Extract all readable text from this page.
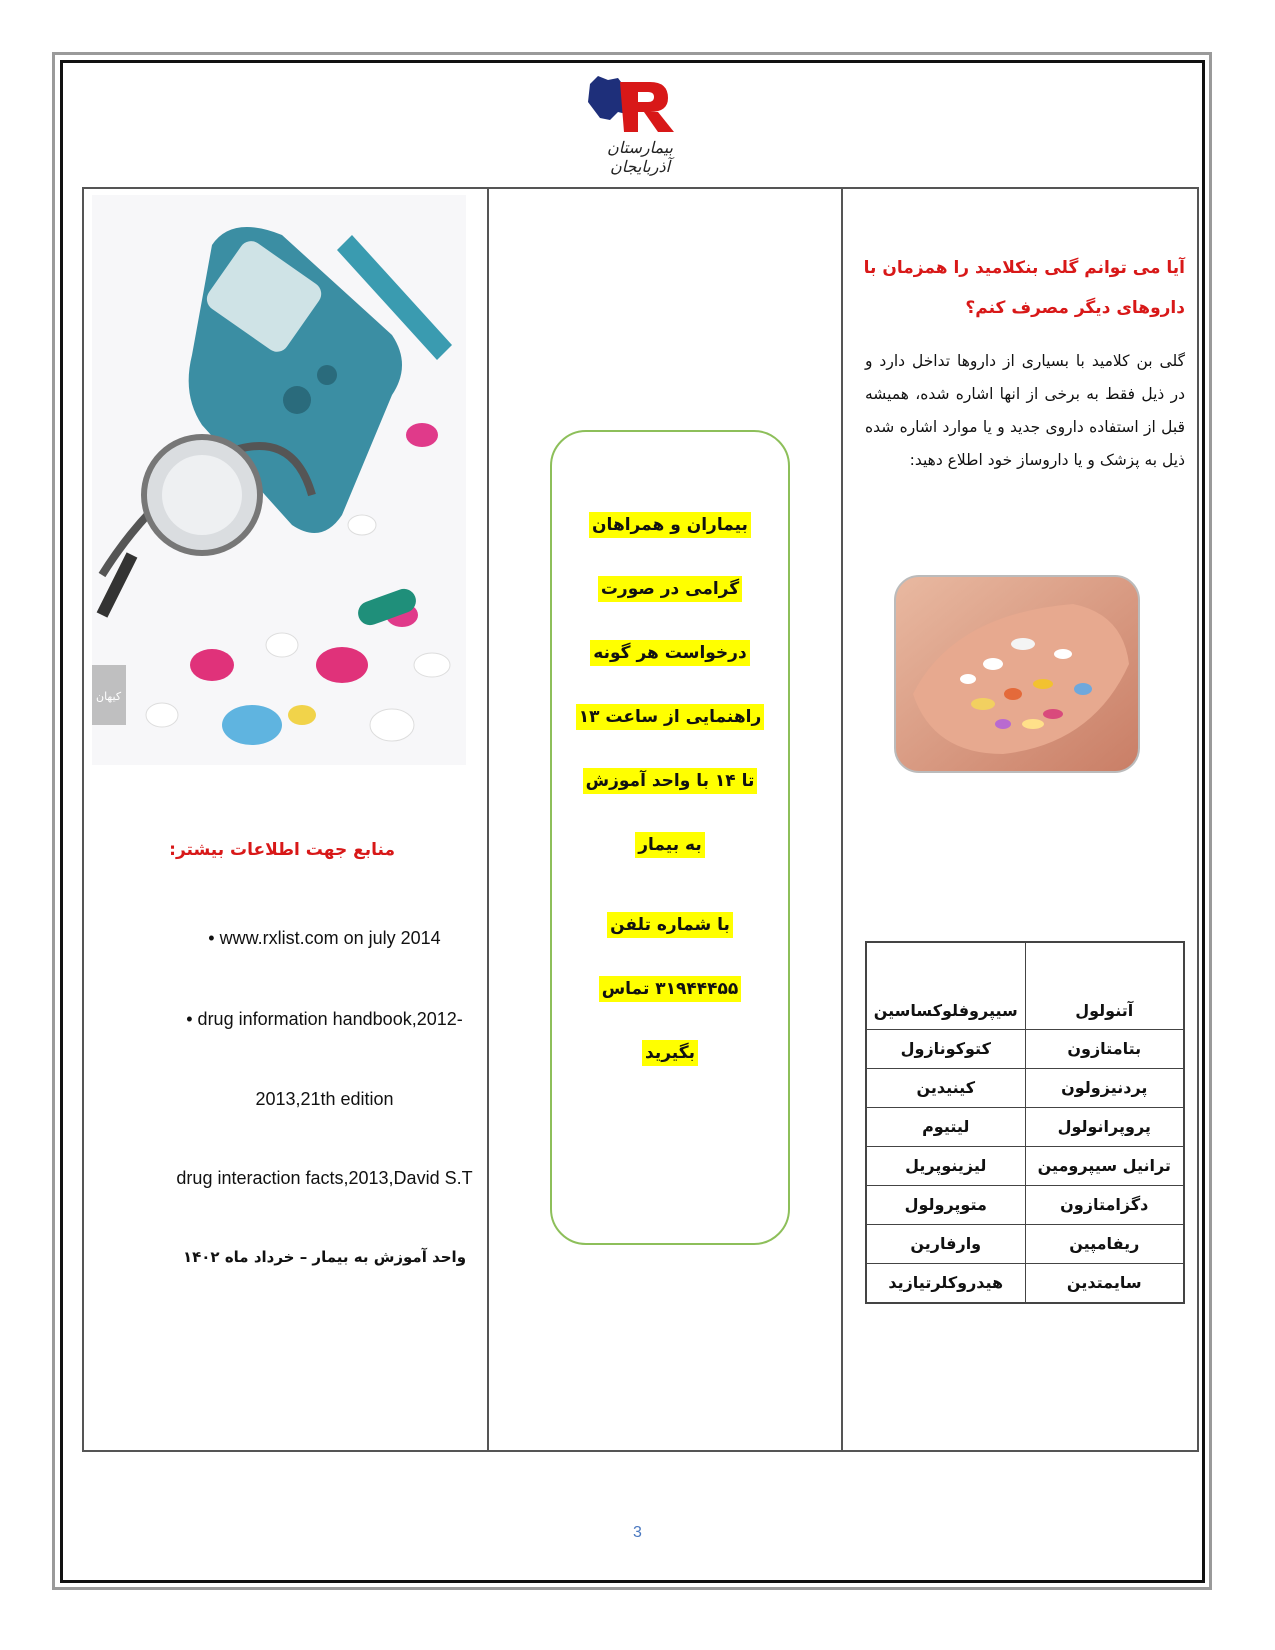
بیمارستان آذربایجان
آیا می توانم گلی بنکلامید را همزمان با داروهای دیگر مصرف کنم؟
گلی بن کلامید با بسیاری از داروها تداخل دارد و در ذیل فقط به برخی از انها اشاره شده، همیشه قبل از استفاده داروی جدید و یا موارد اشاره شده ذیل به پزشک و یا داروساز خود اطلاع دهید:
آتنولول	سیپروفلوکساسین
بتامتازون	کتوکونازول
پردنیزولون	کینیدین
پروپرانولول	لیتیوم
ترانیل سیپرومین	لیزینوپریل
دگزامتازون	متوپرولول
ریفامپین	وارفارین
سایمتدین	هیدروکلرتیازید
بیماران و همراهان
گرامی در صورت
درخواست هر گونه
راهنمایی از ساعت ۱۳
تا ۱۴ با واحد آموزش
به بیمار
با شماره تلفن
۳۱۹۴۴۴۵۵ تماس
بگیرید
کیهان
منابع جهت اطلاعات بیشتر:
• www.rxlist.com on july 2014
• drug information handbook,2012-
2013,21th edition
drug interaction facts,2013,David S.T
واحد آموزش به بیمار – خرداد ماه ۱۴۰۲
3
